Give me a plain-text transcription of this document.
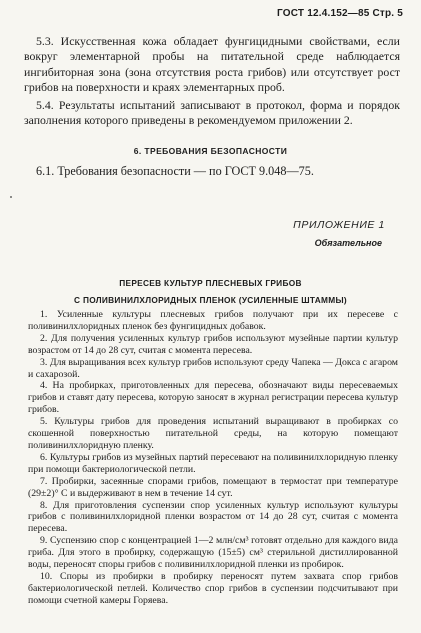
ГОСТ 12.4.152—85 Стр. 5
5.3. Искусственная кожа обладает фунгицидными свойствами, если вокруг элементарной пробы на питательной среде наблюдается ингибиторная зона (зона отсутствия роста грибов) или отсутствует рост грибов на поверхности и краях элементарных проб.
5.4. Результаты испытаний записывают в протокол, форма и порядок заполнения которого приведены в рекомендуемом приложении 2.
6. ТРЕБОВАНИЯ БЕЗОПАСНОСТИ
6.1. Требования безопасности — по ГОСТ 9.048—75.
ПРИЛОЖЕНИЕ 1
Обязательное
ПЕРЕСЕВ КУЛЬТУР ПЛЕСНЕВЫХ ГРИБОВ
С ПОЛИВИНИЛХЛОРИДНЫХ ПЛЕНОК (УСИЛЕННЫЕ ШТАММЫ)

1. Усиленные культуры плесневых грибов получают при их пересеве с поливинилхлоридных пленок без фунгицидных добавок.

2. Для получения усиленных культур грибов используют музейные партии культур возрастом от 14 до 28 сут, считая с момента пересева.

3. Для выращивания всех культур грибов используют среду Чапека — Докса с агаром и сахарозой.

4. На пробирках, приготовленных для пересева, обозначают виды пересеваемых грибов и ставят дату пересева, которую заносят в журнал регистрации пересева культур грибов.

5. Культуры грибов для проведения испытаний выращивают в пробирках со скошенной поверхностью питательной среды, на которую помещают поливинилхлоридную пленку.

6. Культуры грибов из музейных партий пересевают на поливинилхлоридную пленку при помощи бактериологической петли.

7. Пробирки, засеянные спорами грибов, помещают в термостат при температуре (29±2)° С и выдерживают в нем в течение 14 сут.

8. Для приготовления суспензии спор усиленных культур используют культуры грибов с поливинилхлоридной пленки возрастом от 14 до 28 сут, считая с момента пересева.

9. Суспензию спор с концентрацией 1—2 млн/см³ готовят отдельно для каждого вида гриба. Для этого в пробирку, содержащую (15±5) см³ стерильной дистиллированной воды, переносят споры грибов с поливинилхлоридной пленки из пробирок.

10. Споры из пробирки в пробирку переносят путем захвата спор грибов бактериологической петлей. Количество спор грибов в суспензии подсчитывают при помощи счетной камеры Горяева.
